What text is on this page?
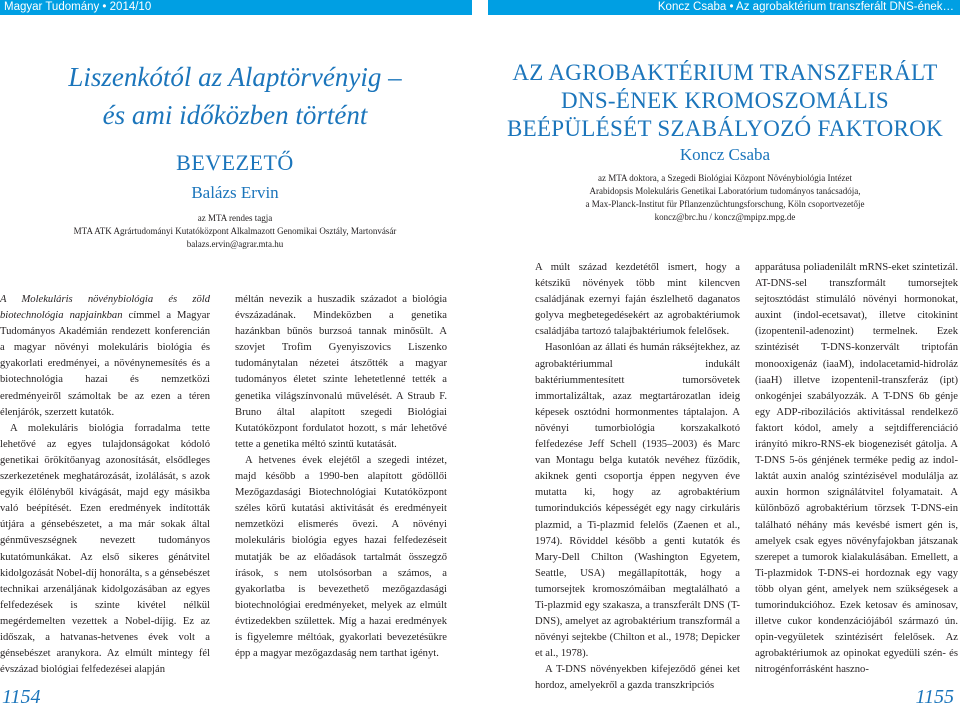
Magyar Tudomány • 2014/10	Koncz Csaba • Az agrobaktérium transzferált DNS-ének…
Liszenkótól az Alaptörvényig –
és ami időközben történt
BEVEZETŐ
Balázs Ervin
az MTA rendes tagja
MTA ATK Agrártudományi Kutatóközpont Alkalmazott Genomikai Osztály, Martonvásár
balazs.ervin@agrar.mta.hu

A Molekuláris növénybiológia és zöld biotechnológia napjainkban címmel a Magyar Tudományos Akadémián rendezett konferencián a magyar növényi molekuláris biológia és gyakorlati eredményei, a növénynemesítés és a biotechnológia hazai és nemzetközi eredményeiről számoltak be az ezen a téren élenjárók, szerzett kutatók.

A molekuláris biológia forradalma tette lehetővé az egyes tulajdonságokat kódoló genetikai örökítőanyag azonosítását, elsődleges szerkezetének meghatározását, izolálását, s azok egyik élőlényből kivágását, majd egy másikba való beépítését. Ezen eredmények indították útjára a génsebészetet, a ma már sokak által génműveszségnek nevezett tudományos kutatómunkákat. Az első sikeres génátvitel kidolgozását Nobel-díj honorálta, s a génsebészet technikai arzenáljának kidolgozásában az egyes felfedezések is szinte kivétel nélkül megérdemelten vezettek a Nobel-díjig. Ez az időszak, a hatvanas-hetvenes évek volt a génsebészet aranykora. Az elmúlt mintegy fél évszázad biológiai felfedezései alapján

méltán nevezik a huszadik századot a biológia évszázadának. Mindeközben a genetika hazánkban bűnös burzsoá tannak minősült. A szovjet Trofim Gyenyiszovics Liszenko tudománytalan nézetei átszőtték a magyar tudományos életet szinte lehetetlenné tették a genetika világszínvonalú művelését. A Straub F. Bruno által alapított szegedi Biológiai Kutatóközpont fordulatot hozott, s már lehetővé tette a genetika méltó szintű kutatását.

A hetvenes évek elejétől a szegedi intézet, majd később a 1990-ben alapított gödöllői Mezőgazdasági Biotechnológiai Kutatóközpont széles körű kutatási aktivitását és eredményeit nemzetközi elismerés övezi. A növényi molekuláris biológia egyes hazai felfedezéseit mutatják be az előadások tartalmát összegző írások, s nem utolsósorban a számos, a gyakorlatba is bevezethető mezőgazdasági biotechnológiai eredményeket, melyek az elmúlt évtizedekben születtek. Míg a hazai eredmények is figyelemre méltóak, gyakorlati bevezetésükre épp a magyar mezőgazdaság nem tarthat igényt.

1154
AZ AGROBAKTÉRIUM TRANSZFERÁLT
DNS-ÉNEK KROMOSZOMÁLIS
BEÉPÜLÉSÉT SZABÁLYOZÓ FAKTOROK
Koncz Csaba
az MTA doktora, a Szegedi Biológiai Központ Növénybiológia Intézet
Arabidopsis Molekuláris Genetikai Laboratórium tudományos tanácsadója,
a Max-Planck-Institut für Pflanzenzüchtungsforschung, Köln csoportvezetője
koncz@brc.hu / koncz@mpipz.mpg.de

A múlt század kezdetétől ismert, hogy a kétszikű növények több mint kilencven családjának ezernyi faján észlelhető daganatos golyva megbetegedésekért az agrobaktériumok családjába tartozó talajbaktériumok felelősek.

Hasonlóan az állati és humán rákséjtekhez, az agrobaktériummal indukált baktériummentesített tumorsövetek immortalizáltak, azaz megtartározatlan ideig képesek osztódni hormonmentes táptalajon. A növényi tumorbiológia korszakalkotó felfedezése Jeff Schell (1935–2003) és Marc van Montagu belga kutatók nevéhez fűződik, akiknek genti csoportja éppen negyven éve mutatta ki, hogy az agrobaktérium tumorindukciós képességét egy nagy cirkuláris plazmid, a Ti-plazmid felelős (Zaenen et al., 1974). Röviddel később a genti kutatók és Mary-Dell Chilton (Washington Egyetem, Seattle, USA) megállapították, hogy a tumorsejtek kromoszómáiban megtalálható a Ti-plazmid egy szakasza, a transzferált DNS (T-DNS), amelyet az agrobaktérium transzformál a növényi sejtekbe (Chilton et al., 1978; Depicker et al., 1978).

A T-DNS növényekben kifejeződő génei ket hordoz, amelyekről a gazda transzkripciós

apparátusa poliadenilált mRNS-eket szintetizál. AT-DNS-sel transzformált tumorsejtek sejtosztódást stimuláló növényi hormonokat, auxint (indol-ecetsavat), illetve citokinint (izopentenil-adenozint) termelnek. Ezek szintézisét T-DNS-konzervált triptofán monooxigenáz (iaaM), indolacetamid-hidroláz (iaaH) illetve izopentenil-transzferáz (ipt) onkogénjei szabályozzák. A T-DNS 6b génje egy ADP-ribozilációs aktivitással rendelkező faktort kódol, amely a sejtdifferenciáció irányító mikro-RNS-ek biogenezisét gátolja. A T-DNS 5-ös génjének terméke pedig az indol-laktát auxin analóg szintézisével modulálja az auxin hormon szignálátvitel folyamatait. A különböző agrobaktérium törzsek T-DNS-ein található néhány más kevésbé ismert gén is, amelyek csak egyes növényfajokban játszanak szerepet a tumorok kialakulásában. Emellett, a Ti-plazmidok T-DNS-ei hordoznak egy vagy több olyan gént, amelyek nem szükségesek a tumorindukcióhoz. Ezek ketosav és aminosav, illetve cukor kondenzációjából származó ún. opin-vegyületek szintézisért felelősek. Az agrobaktériumok az opinokat egyedüli szén- és nitrogénforrásként haszno-

1155
